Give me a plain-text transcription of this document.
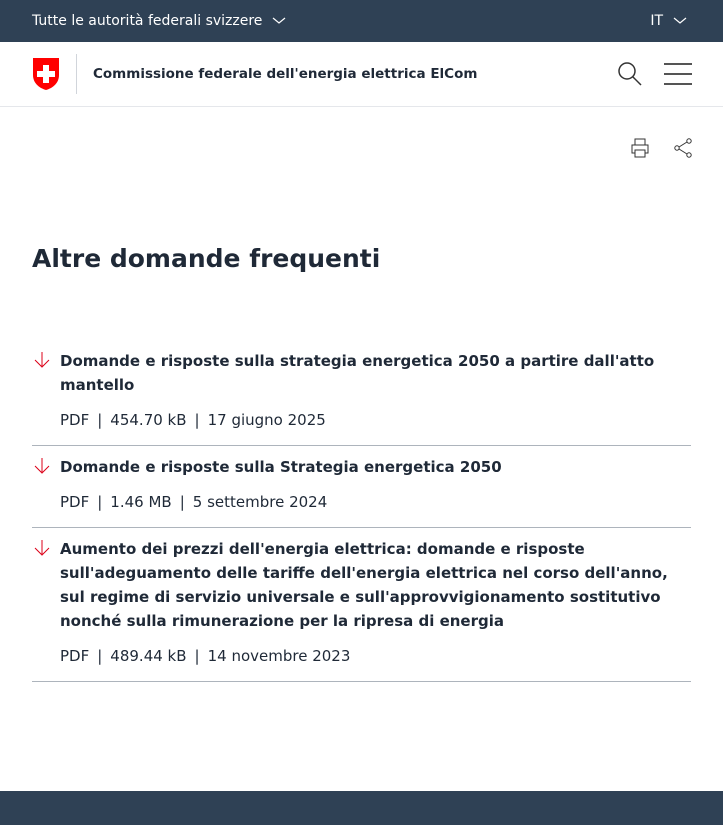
Tutte le autorità federali svizzere	IT
Commissione federale dell'energia elettrica ElCom
Altre domande frequenti
Domande e risposte sulla strategia energetica 2050 a partire dall'atto mantello
PDF | 454.70 kB | 17 giugno 2025
Domande e risposte sulla Strategia energetica 2050
PDF | 1.46 MB | 5 settembre 2024
Aumento dei prezzi dell'energia elettrica: domande e risposte sull'adeguamento delle tariffe dell'energia elettrica nel corso dell'anno, sul regime di servizio universale e sull'approvvigionamento sostitutivo nonché sulla rimunerazione per la ripresa di energia
PDF | 489.44 kB | 14 novembre 2023
